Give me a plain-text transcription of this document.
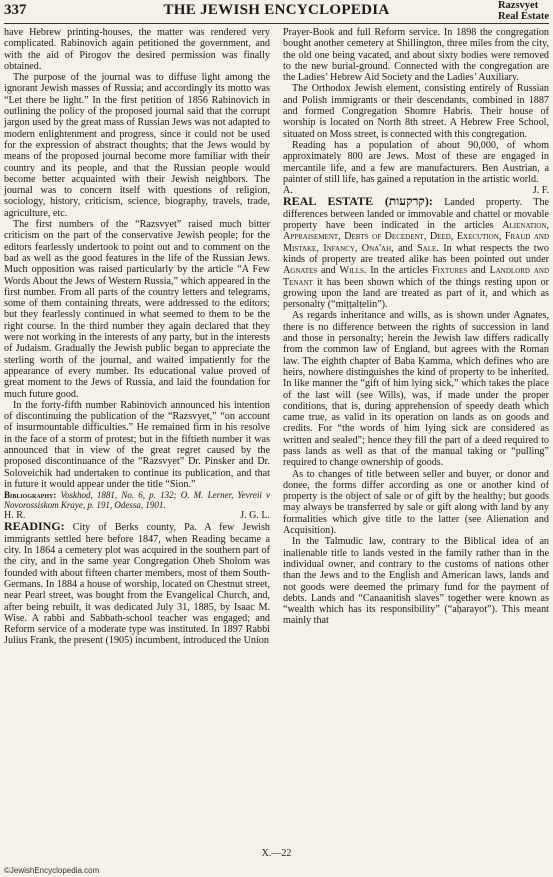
337	THE JEWISH ENCYCLOPEDIA	Razsvyet
Real Estate

have Hebrew printing-houses, the matter was rendered very complicated. Rabinovich again petitioned the government, and with the aid of Pirogov the desired permission was finally obtained.

The purpose of the journal was to diffuse light among the ignorant Jewish masses of Russia; and accordingly its motto was “Let there be light.” In the first petition of 1856 Rabinovich in outlining the policy of the proposed journal said that the corrupt jargon used by the great mass of Russian Jews was not adapted to modern enlightenment and progress, since it could not be used for the expression of abstract thoughts; that the Jews would by means of the proposed journal become more familiar with their country and its people, and that the Russian people would become better acquainted with their Jewish neighbors. The journal was to concern itself with questions of religion, sociology, history, criticism, science, biography, travels, trade, agriculture, etc.

The first numbers of the “Razsvyet” raised much bitter criticism on the part of the conservative Jewish people; for the editors fearlessly undertook to point out and to comment on the bad as well as the good features in the life of the Russian Jews. Much opposition was raised particularly by the article “A Few Words About the Jews of Western Russia,” which appeared in the first number. From all parts of the country letters and telegrams, some of them containing threats, were addressed to the editors; but they fearlessly continued in what seemed to them to be the right course. In the third number they again declared that they were not working in the interests of any party, but in the interests of Judaism. Gradually the Jewish public began to appreciate the sterling worth of the journal, and waited impatiently for the appearance of every number. Its educational value proved of great moment to the Jews of Russia, and laid the foundation for much future good.

In the forty-fifth number Rabinovich announced his intention of discontinuing the publication of the “Razsvyet,” “on account of insurmountable difficulties.” He remained firm in his resolve in the face of a storm of protest; but in the fiftieth number it was announced that in view of the great regret caused by the proposed discontinuance of the “Razsvyet” Dr. Pinsker and Dr. Soloveichik had undertaken to continue its publication, and that in future it would appear under the title “Sion.”

Bibliography: Voskhod, 1881, No. 6, p. 132; O. M. Lerner, Yevreii v Novorossiskom Kraye, p. 191, Odessa, 1901.

H. R.	J. G. L.

READING: City of Berks county, Pa. A few Jewish immigrants settled here before 1847, when Reading became a city. In 1864 a cemetery plot was acquired in the southern part of the city, and in the same year Congregation Oheb Sholom was founded with about fifteen charter members, most of them South-Germans. In 1884 a house of worship, located on Chestnut street, near Pearl street, was bought from the Evangelical Church, and, after being rebuilt, it was dedicated July 31, 1885, by Isaac M. Wise. A rabbi and Sabbath-school teacher was engaged; and Reform service of a moderate type was instituted. In 1897 Rabbi Julius Frank, the present (1905) incumbent, introduced the Union

Prayer-Book and full Reform service. In 1898 the congregation bought another cemetery at Shillington, three miles from the city, the old one being vacated, and about sixty bodies were removed to the new burial-ground. Connected with the congregation are the Ladies’ Hebrew Aid Society and the Ladies’ Auxiliary.

The Orthodox Jewish element, consisting entirely of Russian and Polish immigrants or their descendants, combined in 1887 and formed Congregation Shomre Habris. Their house of worship is located on North 8th street. A Hebrew Free School, situated on Moss street, is connected with this congregation.

Reading has a population of about 90,000, of whom approximately 800 are Jews. Most of these are engaged in mercantile life, and a few are manufacturers. Ben Austrian, a painter of still life, has gained a reputation in the artistic world.

A.	J. F.

REAL ESTATE (קרקעות): Landed property. The differences between landed or immovable and chattel or movable property have been indicated in the articles Alienation, Appraisement, Debts of Decedent, Deed, Execution, Fraud and Mistake, Infancy, Ona'ah, and Sale. In what respects the two kinds of property are treated alike has been pointed out under Agnates and Wills. In the articles Fixtures and Landlord and Tenant it has been shown which of the things resting upon or growing upon the land are treated as part of it, and which as personalty (“miṭṭalṭelin”).

As regards inheritance and wills, as is shown under Agnates, there is no difference between the rights of succession in land and those in personalty; herein the Jewish law differs radically from the common law of England, but agrees with the Roman law. The eighth chapter of Baba Ḳamma, which defines who are heirs, nowhere distinguishes the kind of property to be inherited. In like manner the “gift of him lying sick,” which takes the place of the last will (see Wills), was, if made under the proper conditions, that is, during apprehension of speedy death which came true, as valid in its operation on lands as on goods and credits. For “the words of him lying sick are considered as written and sealed”; hence they fill the part of a deed required to pass lands as well as that of the manual taking or “pulling” required to change ownership of goods.

As to changes of title between seller and buyer, or donor and donee, the forms differ according as one or another kind of property is the object of sale or of gift by the healthy; but goods may always be transferred by sale or gift along with land by any formalities which give title to the latter (see Alienation and Acquisition).

In the Talmudic law, contrary to the Biblical idea of an inalienable title to lands vested in the family rather than in the individual owner, and contrary to the customs of nations other than the Jews and to the English and American laws, lands and not goods were deemed the primary fund for the payment of debts. Lands and “Canaanitish slaves” together were known as “wealth which has its responsibility” (“aḥarayot”). This meant mainly that

X.—22
©JewishEncyclopedia.com
